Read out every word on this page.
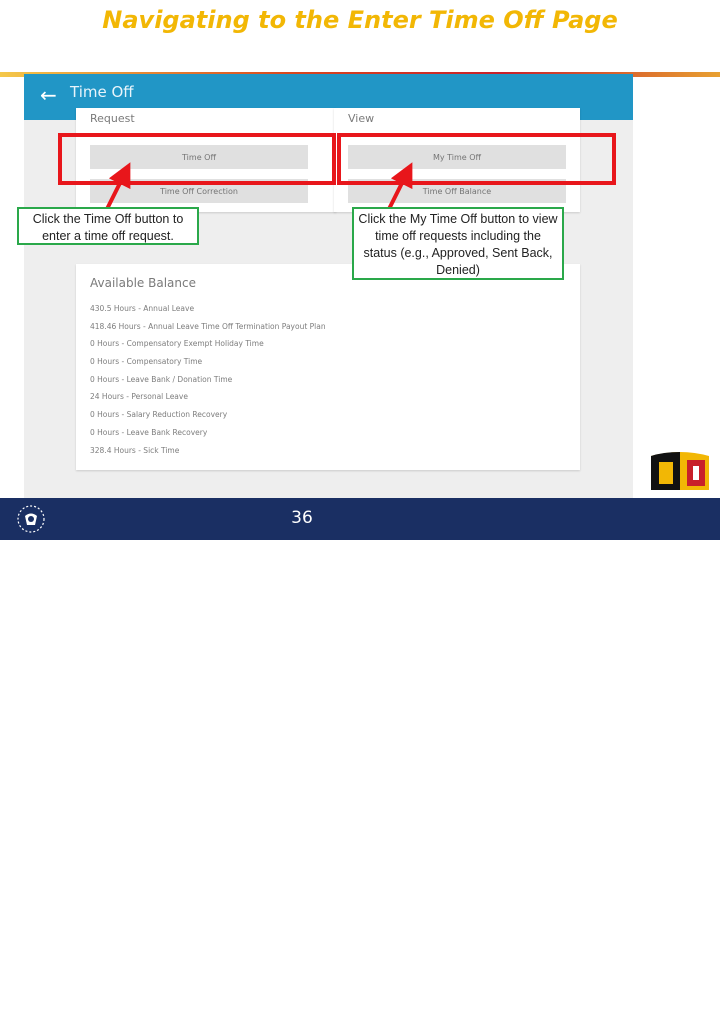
Navigating to the Enter Time Off Page
← Time Off
Request
Time Off
Time Off Correction
View
My Time Off
Time Off Balance
Available Balance
430.5 Hours - Annual Leave
418.46 Hours - Annual Leave Time Off Termination Payout Plan
0 Hours - Compensatory Exempt Holiday Time
0 Hours - Compensatory Time
0 Hours - Leave Bank / Donation Time
24 Hours - Personal Leave
0 Hours - Salary Reduction Recovery
0 Hours - Leave Bank Recovery
328.4 Hours - Sick Time
Click the Time Off button to enter a time off request.
Click the My Time Off button to view time off requests including the status (e.g., Approved, Sent Back, Denied)
36
Maryland
Department of Health
& Mental Hygiene
